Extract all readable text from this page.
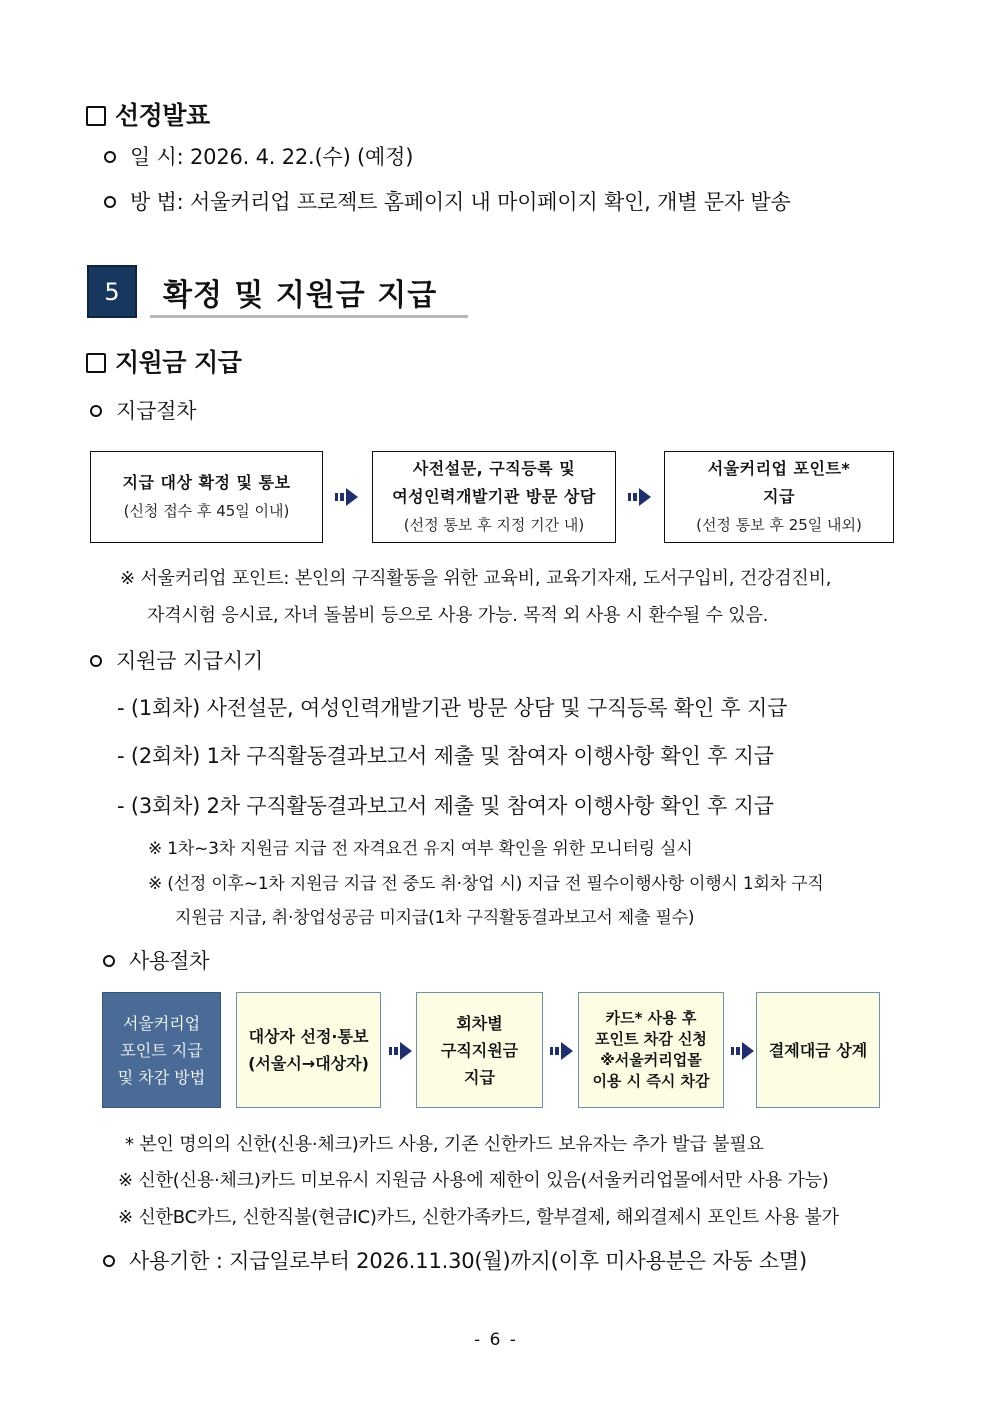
선정발표
일 시: 2026. 4. 22.(수) (예정)
방 법: 서울커리업 프로젝트 홈페이지 내 마이페이지 확인, 개별 문자 발송
5	확정 및 지원금 지급
지원금 지급
지급절차
지급 대상 확정 및 통보
(신청 접수 후 45일 이내)
사전설문, 구직등록 및
여성인력개발기관 방문 상담
(선정 통보 후 지정 기간 내)
서울커리업 포인트*
지급
(선정 통보 후 25일 내외)
※ 서울커리업 포인트: 본인의 구직활동을 위한 교육비, 교육기자재, 도서구입비, 건강검진비,
자격시험 응시료, 자녀 돌봄비 등으로 사용 가능. 목적 외 사용 시 환수될 수 있음.
지원금 지급시기
- (1회차) 사전설문, 여성인력개발기관 방문 상담 및 구직등록 확인 후 지급
- (2회차) 1차 구직활동결과보고서 제출 및 참여자 이행사항 확인 후 지급
- (3회차) 2차 구직활동결과보고서 제출 및 참여자 이행사항 확인 후 지급
※ 1차~3차 지원금 지급 전 자격요건 유지 여부 확인을 위한 모니터링 실시
※ (선정 이후~1차 지원금 지급 전 중도 취·창업 시) 지급 전 필수이행사항 이행시 1회차 구직
지원금 지급, 취·창업성공금 미지급(1차 구직활동결과보고서 제출 필수)
사용절차
서울커리업
포인트 지급
및 차감 방법
대상자 선정·통보
(서울시→대상자)
회차별
구직지원금
지급
카드* 사용 후
포인트 차감 신청
※서울커리업몰
이용 시 즉시 차감
결제대금 상계
* 본인 명의의 신한(신용·체크)카드 사용, 기존 신한카드 보유자는 추가 발급 불필요
※ 신한(신용·체크)카드 미보유시 지원금 사용에 제한이 있음(서울커리업몰에서만 사용 가능)
※ 신한BC카드, 신한직불(현금IC)카드, 신한가족카드, 할부결제, 해외결제시 포인트 사용 불가
사용기한 : 지급일로부터 2026.11.30(월)까지(이후 미사용분은 자동 소멸)
- 6 -
